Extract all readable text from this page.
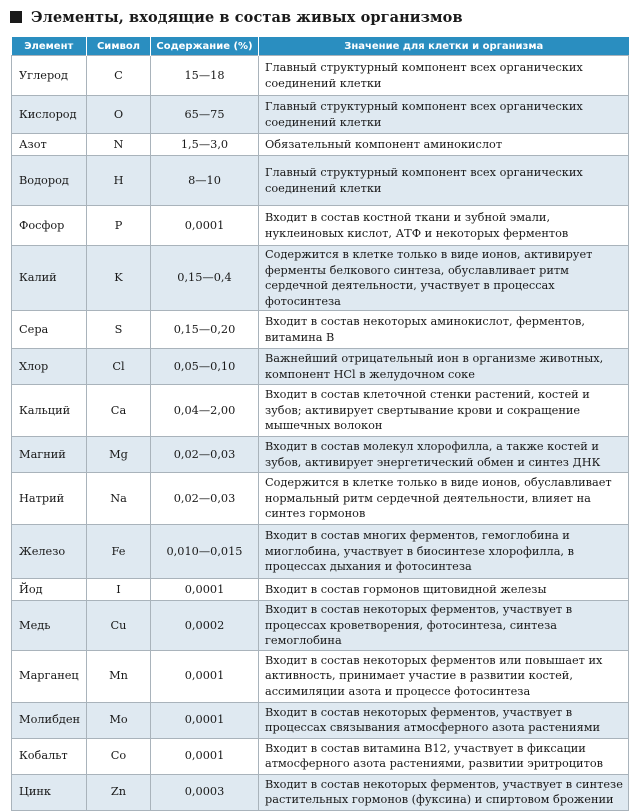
Элементы, входящие в состав живых организмов
Элемент	Символ	Содержание (%)	Значение для клетки и организма
Углерод	C	15—18	Главный структурный компонент всех органических соединений клетки
Кислород	O	65—75	Главный структурный компонент всех органических соединений клетки
Азот	N	1,5—3,0	Обязательный компонент аминокислот
Водород	H	8—10	Главный структурный компонент всех органических соединений клетки
Фосфор	P	0,0001	Входит в состав костной ткани и зубной эмали, нуклеиновых кислот, АТФ и некоторых ферментов
Калий	K	0,15—0,4	Содержится в клетке только в виде ионов, активирует ферменты белкового синтеза, обуславливает ритм сердечной деятельности, участвует в процессах фотосинтеза
Сера	S	0,15—0,20	Входит в состав некоторых аминокислот, ферментов, витамина B
Хлор	Cl	0,05—0,10	Важнейший отрицательный ион в организме животных, компонент HCl в желудочном соке
Кальций	Ca	0,04—2,00	Входит в состав клеточной стенки растений, костей и зубов; активирует свертывание крови и сокращение мышечных волокон
Магний	Mg	0,02—0,03	Входит в состав молекул хлорофилла, а также костей и зубов, активирует энергетический обмен и синтез ДНК
Натрий	Na	0,02—0,03	Содержится в клетке только в виде ионов, обуславливает нормальный ритм сердечной деятельности, влияет на синтез гормонов
Железо	Fe	0,010—0,015	Входит в состав многих ферментов, гемоглобина и миоглобина, участвует в биосинтезе хлорофилла, в процессах дыхания и фотосинтеза
Йод	I	0,0001	Входит в состав гормонов щитовидной железы
Медь	Cu	0,0002	Входит в состав некоторых ферментов, участвует в процессах кроветворения, фотосинтеза, синтеза гемоглобина
Марганец	Mn	0,0001	Входит в состав некоторых ферментов или повышает их активность, принимает участие в развитии костей, ассимиляции азота и процессе фотосинтеза
Молибден	Mo	0,0001	Входит в состав некоторых ферментов, участвует в процессах связывания атмосферного азота растениями
Кобальт	Co	0,0001	Входит в состав витамина B12, участвует в фиксации атмосферного азота растениями, развитии эритроцитов
Цинк	Zn	0,0003	Входит в состав некоторых ферментов, участвует в синтезе растительных гормонов (фуксина) и спиртовом брожении
